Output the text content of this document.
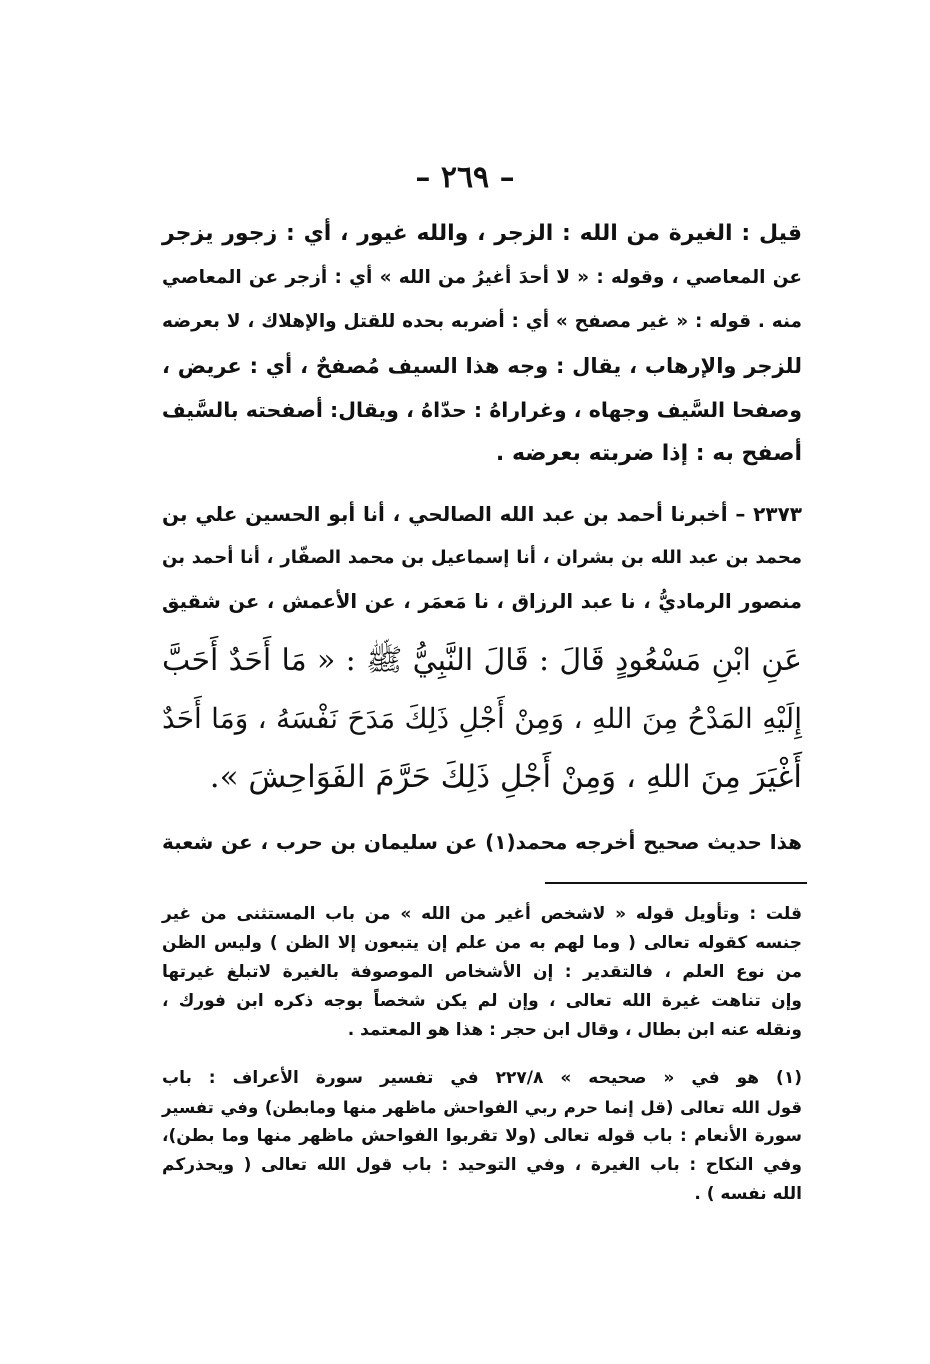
– ٢٦٩ –
قيل : الغيرة من الله : الزجر ، والله غيور ، أي : زجور يزجر
عن المعاصي ، وقوله : « لا أحدَ أغيرُ من الله » أي : أزجر عن المعاصي
منه . قوله : « غير مصفح » أي : أضربه بحده للقتل والإهلاك ، لا بعرضه
للزجر والإرهاب ، يقال : وجه هذا السيف مُصفحٌ ، أي : عريض ،
وصفحا السَّيف وجهاه ، وغراراهُ : حدّاهُ ، ويقال: أصفحته بالسَّيف
أصفح به : إذا ضربته بعرضه .
٢٣٧٣ – أخبرنا أحمد بن عبد الله الصالحي ، أنا أبو الحسين علي بن
محمد بن عبد الله بن بشران ، أنا إسماعيل بن محمد الصفّار ، أنا أحمد بن
منصور الرماديُّ ، نا عبد الرزاق ، نا مَعمَر ، عن الأعمش ، عن شقيق
عَنِ ابْنِ مَسْعُودٍ قَالَ : قَالَ النَّبِيُّ ﷺ : « مَا أَحَدٌ أَحَبَّ
إِلَيْهِ المَدْحُ مِنَ اللهِ ، وَمِنْ أَجْلِ ذَلِكَ مَدَحَ نَفْسَهُ ، وَمَا أَحَدٌ
أَغْيَرَ مِنَ اللهِ ، وَمِنْ أَجْلِ ذَلِكَ حَرَّمَ الفَوَاحِشَ ».
هذا حديث صحيح أخرجه محمد(١) عن سليمان بن حرب ، عن شعبة
قلت : وتأويل قوله « لاشخص أغير من الله » من باب المستثنى من غير
جنسه كقوله تعالى ( وما لهم به من علم إن يتبعون إلا الظن ) وليس الظن
من نوع العلم ، فالتقدير : إن الأشخاص الموصوفة بالغيرة لاتبلغ غيرتها
وإن تناهت غيرة الله تعالى ، وإن لم يكن شخصاً بوجه ذكره ابن فورك ،
ونقله عنه ابن بطال ، وقال ابن حجر : هذا هو المعتمد .
(١) هو في « صحيحه » ٢٢٧/٨ في تفسير سورة الأعراف : باب
قول الله تعالى (قل إنما حرم ربي الفواحش ماظهر منها ومابطن) وفي تفسير
سورة الأنعام : باب قوله تعالى (ولا تقربوا الفواحش ماظهر منها وما بطن)،
وفي النكاح : باب الغيرة ، وفي التوحيد : باب قول الله تعالى ( ويحذركم
الله نفسه ) .
